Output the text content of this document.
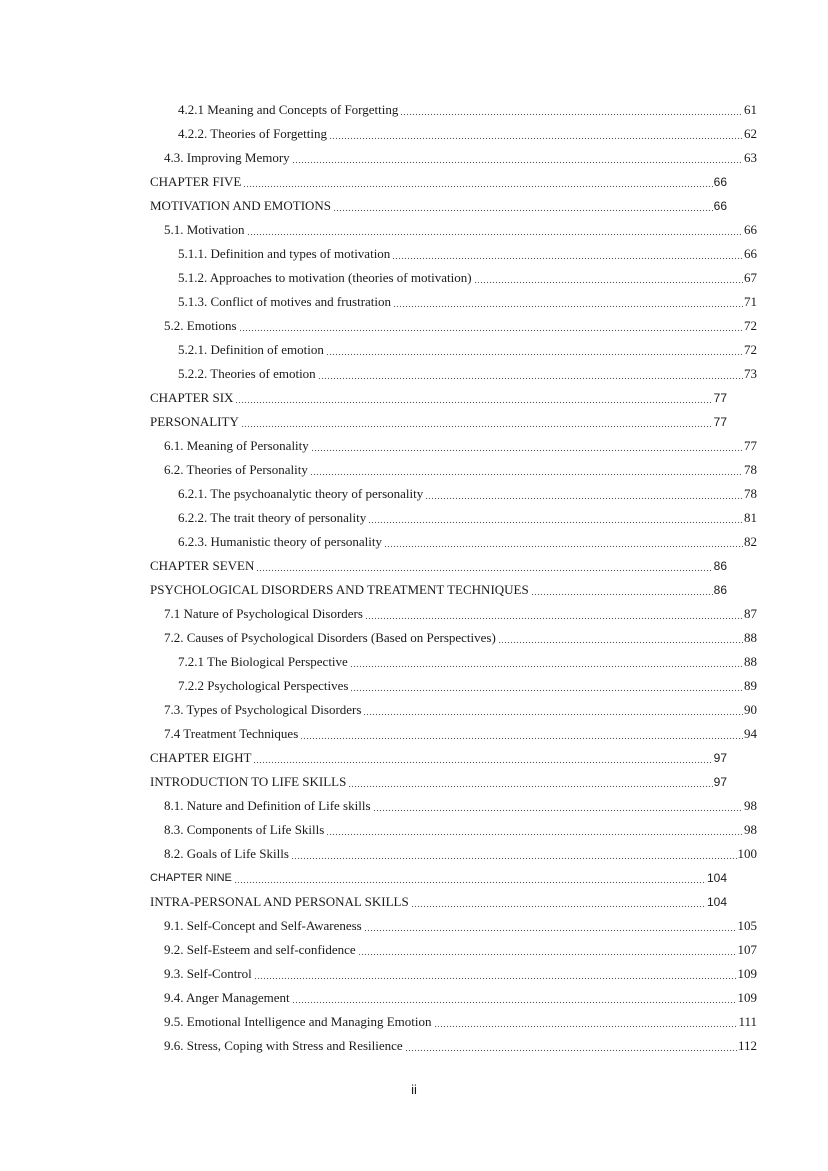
4.2.1 Meaning and Concepts of Forgetting	61
4.2.2. Theories of Forgetting	62
4.3. Improving Memory	63
CHAPTER FIVE	66
MOTIVATION AND EMOTIONS	66
5.1. Motivation	66
5.1.1. Definition and types of motivation	66
5.1.2. Approaches to motivation (theories of motivation)	67
5.1.3. Conflict of motives and frustration	71
5.2. Emotions	72
5.2.1. Definition of emotion	72
5.2.2. Theories of emotion	73
CHAPTER SIX	77
PERSONALITY	77
6.1. Meaning of Personality	77
6.2. Theories of Personality	78
6.2.1. The psychoanalytic theory of personality	78
6.2.2. The trait theory of personality	81
6.2.3. Humanistic theory of personality	82
CHAPTER SEVEN	86
PSYCHOLOGICAL DISORDERS AND TREATMENT TECHNIQUES	86
7.1 Nature of Psychological Disorders	87
7.2. Causes of Psychological Disorders (Based on Perspectives)	88
7.2.1 The Biological Perspective	88
7.2.2 Psychological Perspectives	89
7.3. Types of Psychological Disorders	90
7.4 Treatment Techniques	94
CHAPTER EIGHT	97
INTRODUCTION TO LIFE SKILLS	97
8.1. Nature and Definition of Life skills	98
8.3. Components of Life Skills	98
8.2. Goals of Life Skills	100
CHAPTER NINE	104
INTRA-PERSONAL AND PERSONAL SKILLS	104
9.1. Self-Concept and Self-Awareness	105
9.2. Self-Esteem and self-confidence	107
9.3. Self-Control	109
9.4. Anger Management	109
9.5. Emotional Intelligence and Managing Emotion	111
9.6. Stress, Coping with Stress and Resilience	112
ii
